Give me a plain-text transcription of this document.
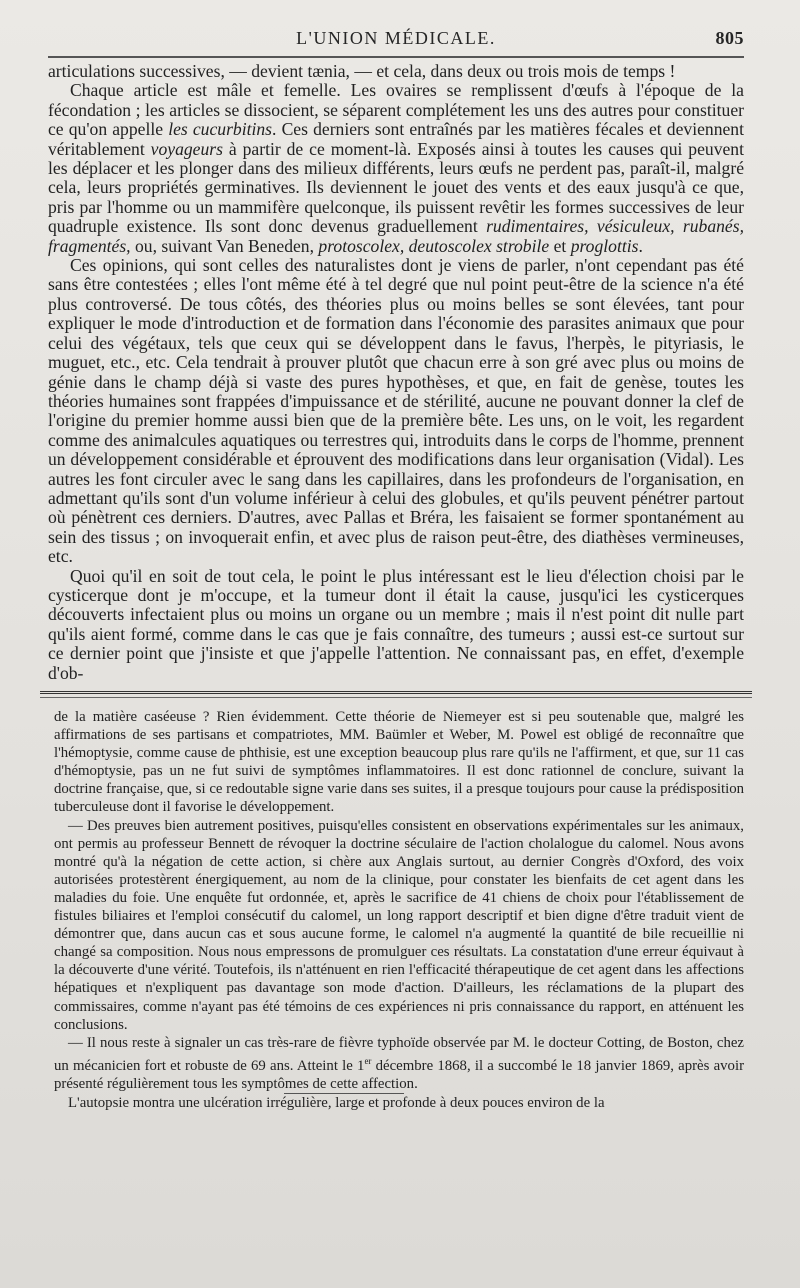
L'UNION MÉDICALE.	805

articulations successives, — devient tænia, — et cela, dans deux ou trois mois de temps !

Chaque article est mâle et femelle. Les ovaires se remplissent d'œufs à l'époque de la fécondation ; les articles se dissocient, se séparent complétement les uns des autres pour constituer ce qu'on appelle les cucurbitins. Ces derniers sont entraînés par les matières fécales et deviennent véritablement voyageurs à partir de ce moment-là. Exposés ainsi à toutes les causes qui peuvent les déplacer et les plonger dans des milieux différents, leurs œufs ne perdent pas, paraît-il, malgré cela, leurs propriétés germinatives. Ils deviennent le jouet des vents et des eaux jusqu'à ce que, pris par l'homme ou un mammifère quelconque, ils puissent revêtir les formes successives de leur quadruple existence. Ils sont donc devenus graduellement rudimentaires, vésiculeux, rubanés, fragmentés, ou, suivant Van Beneden, protoscolex, deutoscolex strobile et proglottis.

Ces opinions, qui sont celles des naturalistes dont je viens de parler, n'ont cependant pas été sans être contestées ; elles l'ont même été à tel degré que nul point peut-être de la science n'a été plus controversé. De tous côtés, des théories plus ou moins belles se sont élevées, tant pour expliquer le mode d'introduction et de formation dans l'économie des parasites animaux que pour celui des végétaux, tels que ceux qui se développent dans le favus, l'herpès, le pityriasis, le muguet, etc., etc. Cela tendrait à prouver plutôt que chacun erre à son gré avec plus ou moins de génie dans le champ déjà si vaste des pures hypothèses, et que, en fait de genèse, toutes les théories humaines sont frappées d'impuissance et de stérilité, aucune ne pouvant donner la clef de l'origine du premier homme aussi bien que de la première bête. Les uns, on le voit, les regardent comme des animalcules aquatiques ou terrestres qui, introduits dans le corps de l'homme, prennent un développement considérable et éprouvent des modifications dans leur organisation (Vidal). Les autres les font circuler avec le sang dans les capillaires, dans les profondeurs de l'organisation, en admettant qu'ils sont d'un volume inférieur à celui des globules, et qu'ils peuvent pénétrer partout où pénètrent ces derniers. D'autres, avec Pallas et Bréra, les faisaient se former spontanément au sein des tissus ; on invoquerait enfin, et avec plus de raison peut-être, des diathèses vermineuses, etc.

Quoi qu'il en soit de tout cela, le point le plus intéressant est le lieu d'élection choisi par le cysticerque dont je m'occupe, et la tumeur dont il était la cause, jusqu'ici les cysticerques découverts infectaient plus ou moins un organe ou un membre ; mais il n'est point dit nulle part qu'ils aient formé, comme dans le cas que je fais connaître, des tumeurs ; aussi est-ce surtout sur ce dernier point que j'insiste et que j'appelle l'attention. Ne connaissant pas, en effet, d'exemple d'ob-

de la matière caséeuse ? Rien évidemment. Cette théorie de Niemeyer est si peu soutenable que, malgré les affirmations de ses partisans et compatriotes, MM. Baümler et Weber, M. Powel est obligé de reconnaître que l'hémoptysie, comme cause de phthisie, est une exception beaucoup plus rare qu'ils ne l'affirment, et que, sur 11 cas d'hémoptysie, pas un ne fut suivi de symptômes inflammatoires. Il est donc rationnel de conclure, suivant la doctrine française, que, si ce redoutable signe varie dans ses suites, il a presque toujours pour cause la prédisposition tuberculeuse dont il favorise le développement.

— Des preuves bien autrement positives, puisqu'elles consistent en observations expérimentales sur les animaux, ont permis au professeur Bennett de révoquer la doctrine séculaire de l'action cholalogue du calomel. Nous avons montré qu'à la négation de cette action, si chère aux Anglais surtout, au dernier Congrès d'Oxford, des voix autorisées protestèrent énergiquement, au nom de la clinique, pour constater les bienfaits de cet agent dans les maladies du foie. Une enquête fut ordonnée, et, après le sacrifice de 41 chiens de choix pour l'établissement de fistules biliaires et l'emploi consécutif du calomel, un long rapport descriptif et bien digne d'être traduit vient de démontrer que, dans aucun cas et sous aucune forme, le calomel n'a augmenté la quantité de bile recueillie ni changé sa composition. Nous nous empressons de promulguer ces résultats. La constatation d'une erreur équivaut à la découverte d'une vérité. Toutefois, ils n'atténuent en rien l'efficacité thérapeutique de cet agent dans les affections hépatiques et n'expliquent pas davantage son mode d'action. D'ailleurs, les réclamations de la plupart des commissaires, comme n'ayant pas été témoins de ces expériences ni pris connaissance du rapport, en atténuent les conclusions.

— Il nous reste à signaler un cas très-rare de fièvre typhoïde observée par M. le docteur Cotting, de Boston, chez un mécanicien fort et robuste de 69 ans. Atteint le 1er décembre 1868, il a succombé le 18 janvier 1869, après avoir présenté régulièrement tous les symptômes de cette affection.

L'autopsie montra une ulcération irrégulière, large et profonde à deux pouces environ de la
